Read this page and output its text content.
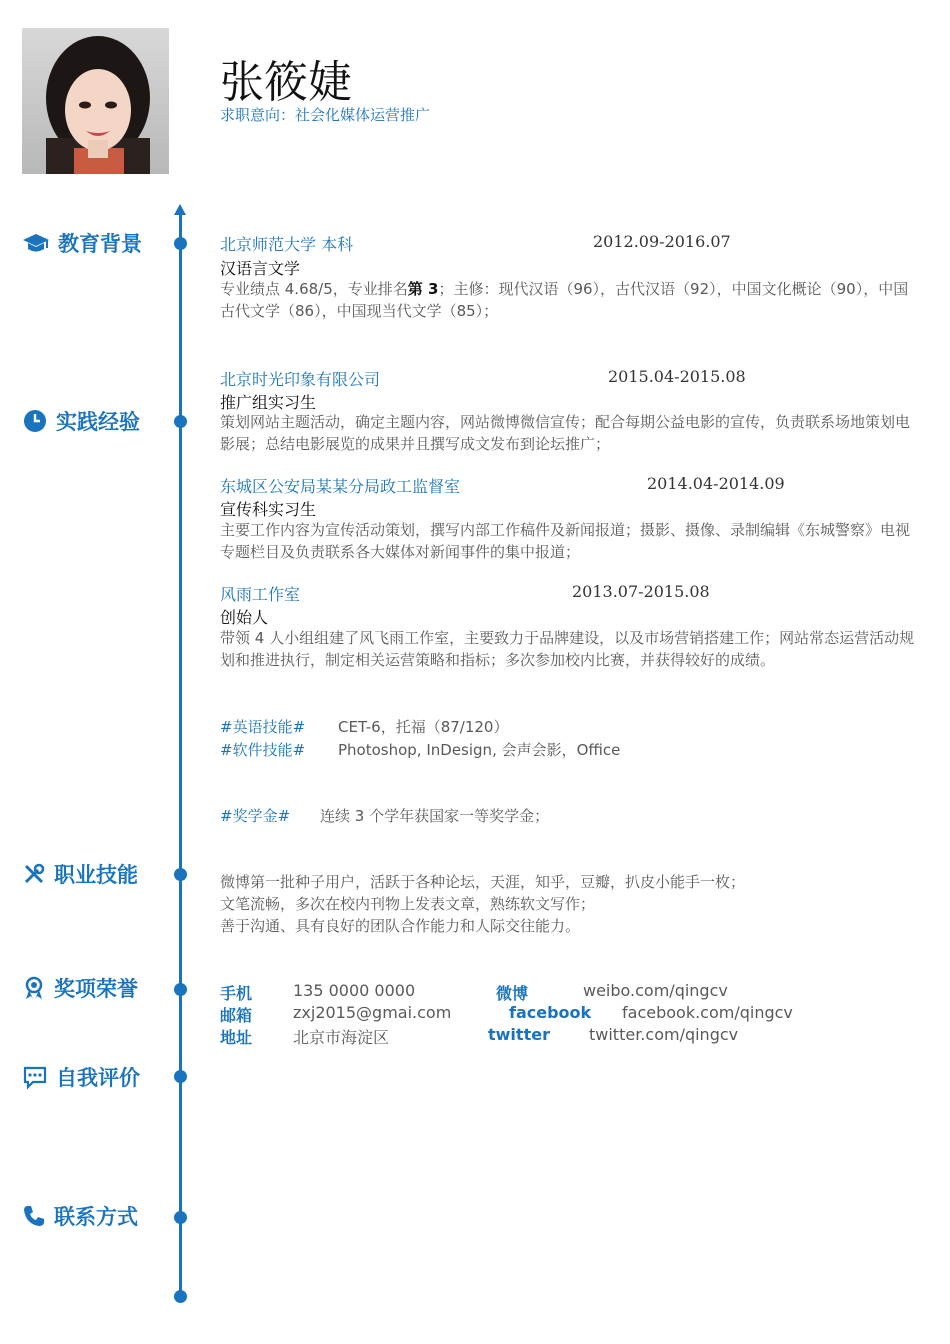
张筱婕
求职意向：社会化媒体运营推广
教育背景
实践经验
职业技能
奖项荣誉
自我评价
联系方式
北京师范大学 本科	2012.09-2016.07
汉语言文学
专业绩点 4.68/5，专业排名第 3；主修：现代汉语（96），古代汉语（92），中国文化概论（90），中国古代文学（86），中国现当代文学（85）；
北京时光印象有限公司	2015.04-2015.08
推广组实习生
策划网站主题活动，确定主题内容，网站微博微信宣传；配合每期公益电影的宣传，负责联系场地策划电影展；总结电影展览的成果并且撰写成文发布到论坛推广；
东城区公安局某某分局政工监督室	2014.04-2014.09
宣传科实习生
主要工作内容为宣传活动策划，撰写内部工作稿件及新闻报道；摄影、摄像、录制编辑《东城警察》电视专题栏目及负责联系各大媒体对新闻事件的集中报道；
风雨工作室	2013.07-2015.08
创始人
带领 4 人小组组建了风飞雨工作室，主要致力于品牌建设，以及市场营销搭建工作；网站常态运营活动规划和推进执行，制定相关运营策略和指标；多次参加校内比赛，并获得较好的成绩。
#英语技能# CET-6，托福（87/120）
#软件技能# Photoshop, InDesign, 会声会影，Office
#奖学金# 连续 3 个学年获国家一等奖学金；
微博第一批种子用户，活跃于各种论坛，天涯，知乎，豆瓣，扒皮小能手一枚；
文笔流畅，多次在校内刊物上发表文章，熟练软文写作；
善于沟通、具有良好的团队合作能力和人际交往能力。
手机	135 0000 0000
邮箱	zxj2015@gmai.com
地址	北京市海淀区
微博	weibo.com/qingcv
facebook facebook.com/qingcv
twitter twitter.com/qingcv
